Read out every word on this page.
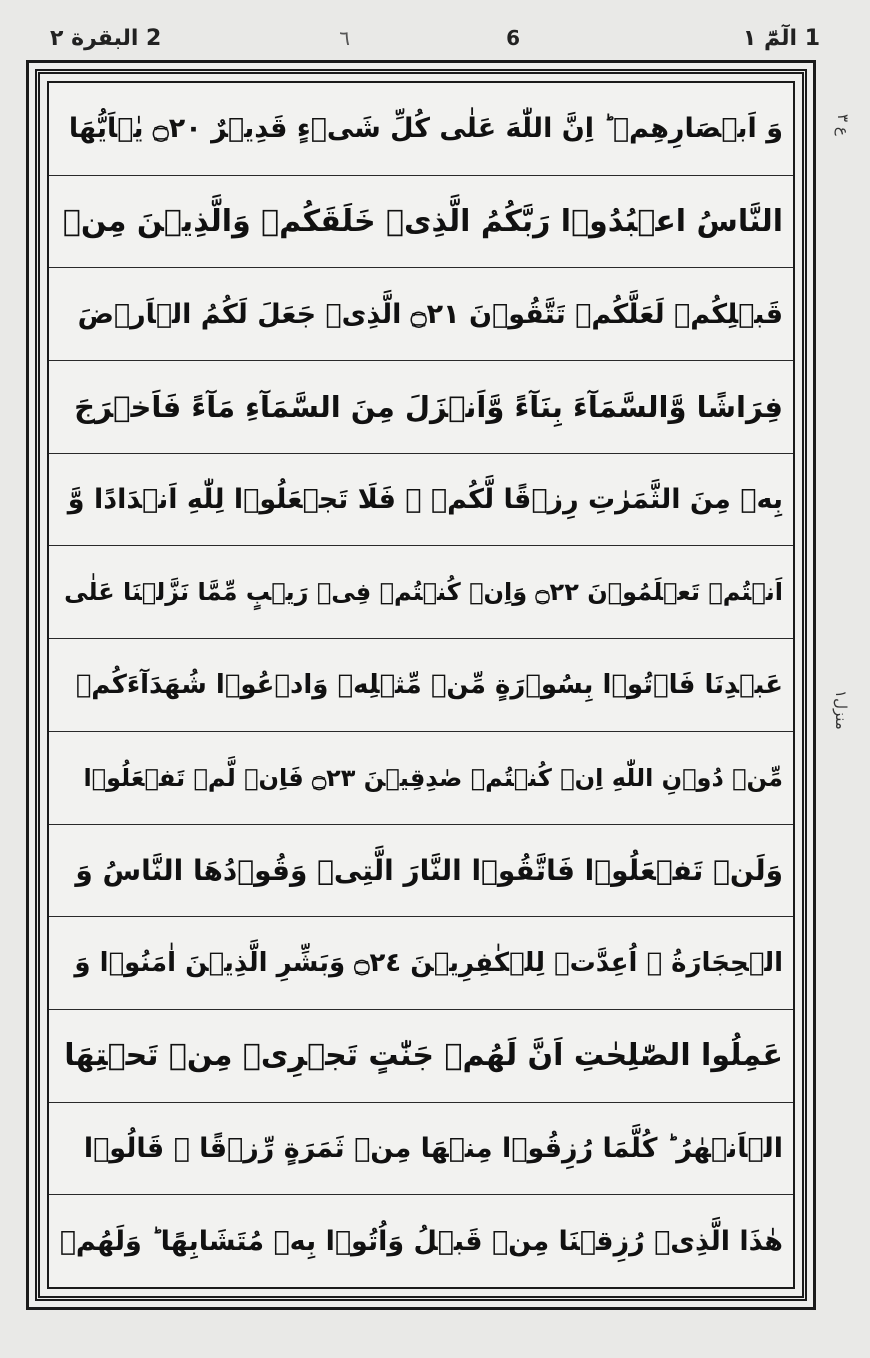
1 الٓمّٓ ١
6
٦
2 البقرة ٢
ع ٣
منزل١
وَ اَبۡصَارِهِمۡ ؕ اِنَّ اللّٰهَ عَلٰى كُلِّ شَىۡءٍ قَدِيۡرٌ ۝٢٠ يٰۤاَيُّهَا
النَّاسُ اعۡبُدُوۡا رَبَّكُمُ الَّذِىۡ خَلَقَكُمۡ وَالَّذِيۡنَ مِنۡ
قَبۡلِكُمۡ لَعَلَّكُمۡ تَتَّقُوۡنَ ۝٢١ الَّذِىۡ جَعَلَ لَكُمُ الۡاَرۡضَ
فِرَاشًا وَّالسَّمَآءَ بِنَآءً وَّاَنۡزَلَ مِنَ السَّمَآءِ مَآءً فَاَخۡرَجَ
بِهٖ مِنَ الثَّمَرٰتِ رِزۡقًا لَّكُمۡ ۚ فَلَا تَجۡعَلُوۡا لِلّٰهِ اَنۡدَادًا وَّ
اَنۡتُمۡ تَعۡلَمُوۡنَ ۝٢٢ وَاِنۡ كُنۡتُمۡ فِىۡ رَيۡبٍ مِّمَّا نَزَّلۡنَا عَلٰى
عَبۡدِنَا فَاۡتُوۡا بِسُوۡرَةٍ مِّنۡ مِّثۡلِهٖ وَادۡعُوۡا شُهَدَآءَكُمۡ
مِّنۡ دُوۡنِ اللّٰهِ اِنۡ كُنۡتُمۡ صٰدِقِيۡنَ ۝٢٣ فَاِنۡ لَّمۡ تَفۡعَلُوۡا
وَلَنۡ تَفۡعَلُوۡا فَاتَّقُوۡا النَّارَ الَّتِىۡ وَقُوۡدُهَا النَّاسُ وَ
الۡحِجَارَةُ ۖ اُعِدَّتۡ لِلۡكٰفِرِيۡنَ ۝٢٤ وَبَشِّرِ الَّذِيۡنَ اٰمَنُوۡا وَ
عَمِلُوا الصّٰلِحٰتِ اَنَّ لَهُمۡ جَنّٰتٍ تَجۡرِىۡ مِنۡ تَحۡتِهَا
الۡاَنۡهٰرُ ؕ كُلَّمَا رُزِقُوۡا مِنۡهَا مِنۡ ثَمَرَةٍ رِّزۡقًا ۙ قَالُوۡا
هٰذَا الَّذِىۡ رُزِقۡنَا مِنۡ قَبۡلُ وَاُتُوۡا بِهٖ مُتَشَابِهًا ؕ وَلَهُمۡ
